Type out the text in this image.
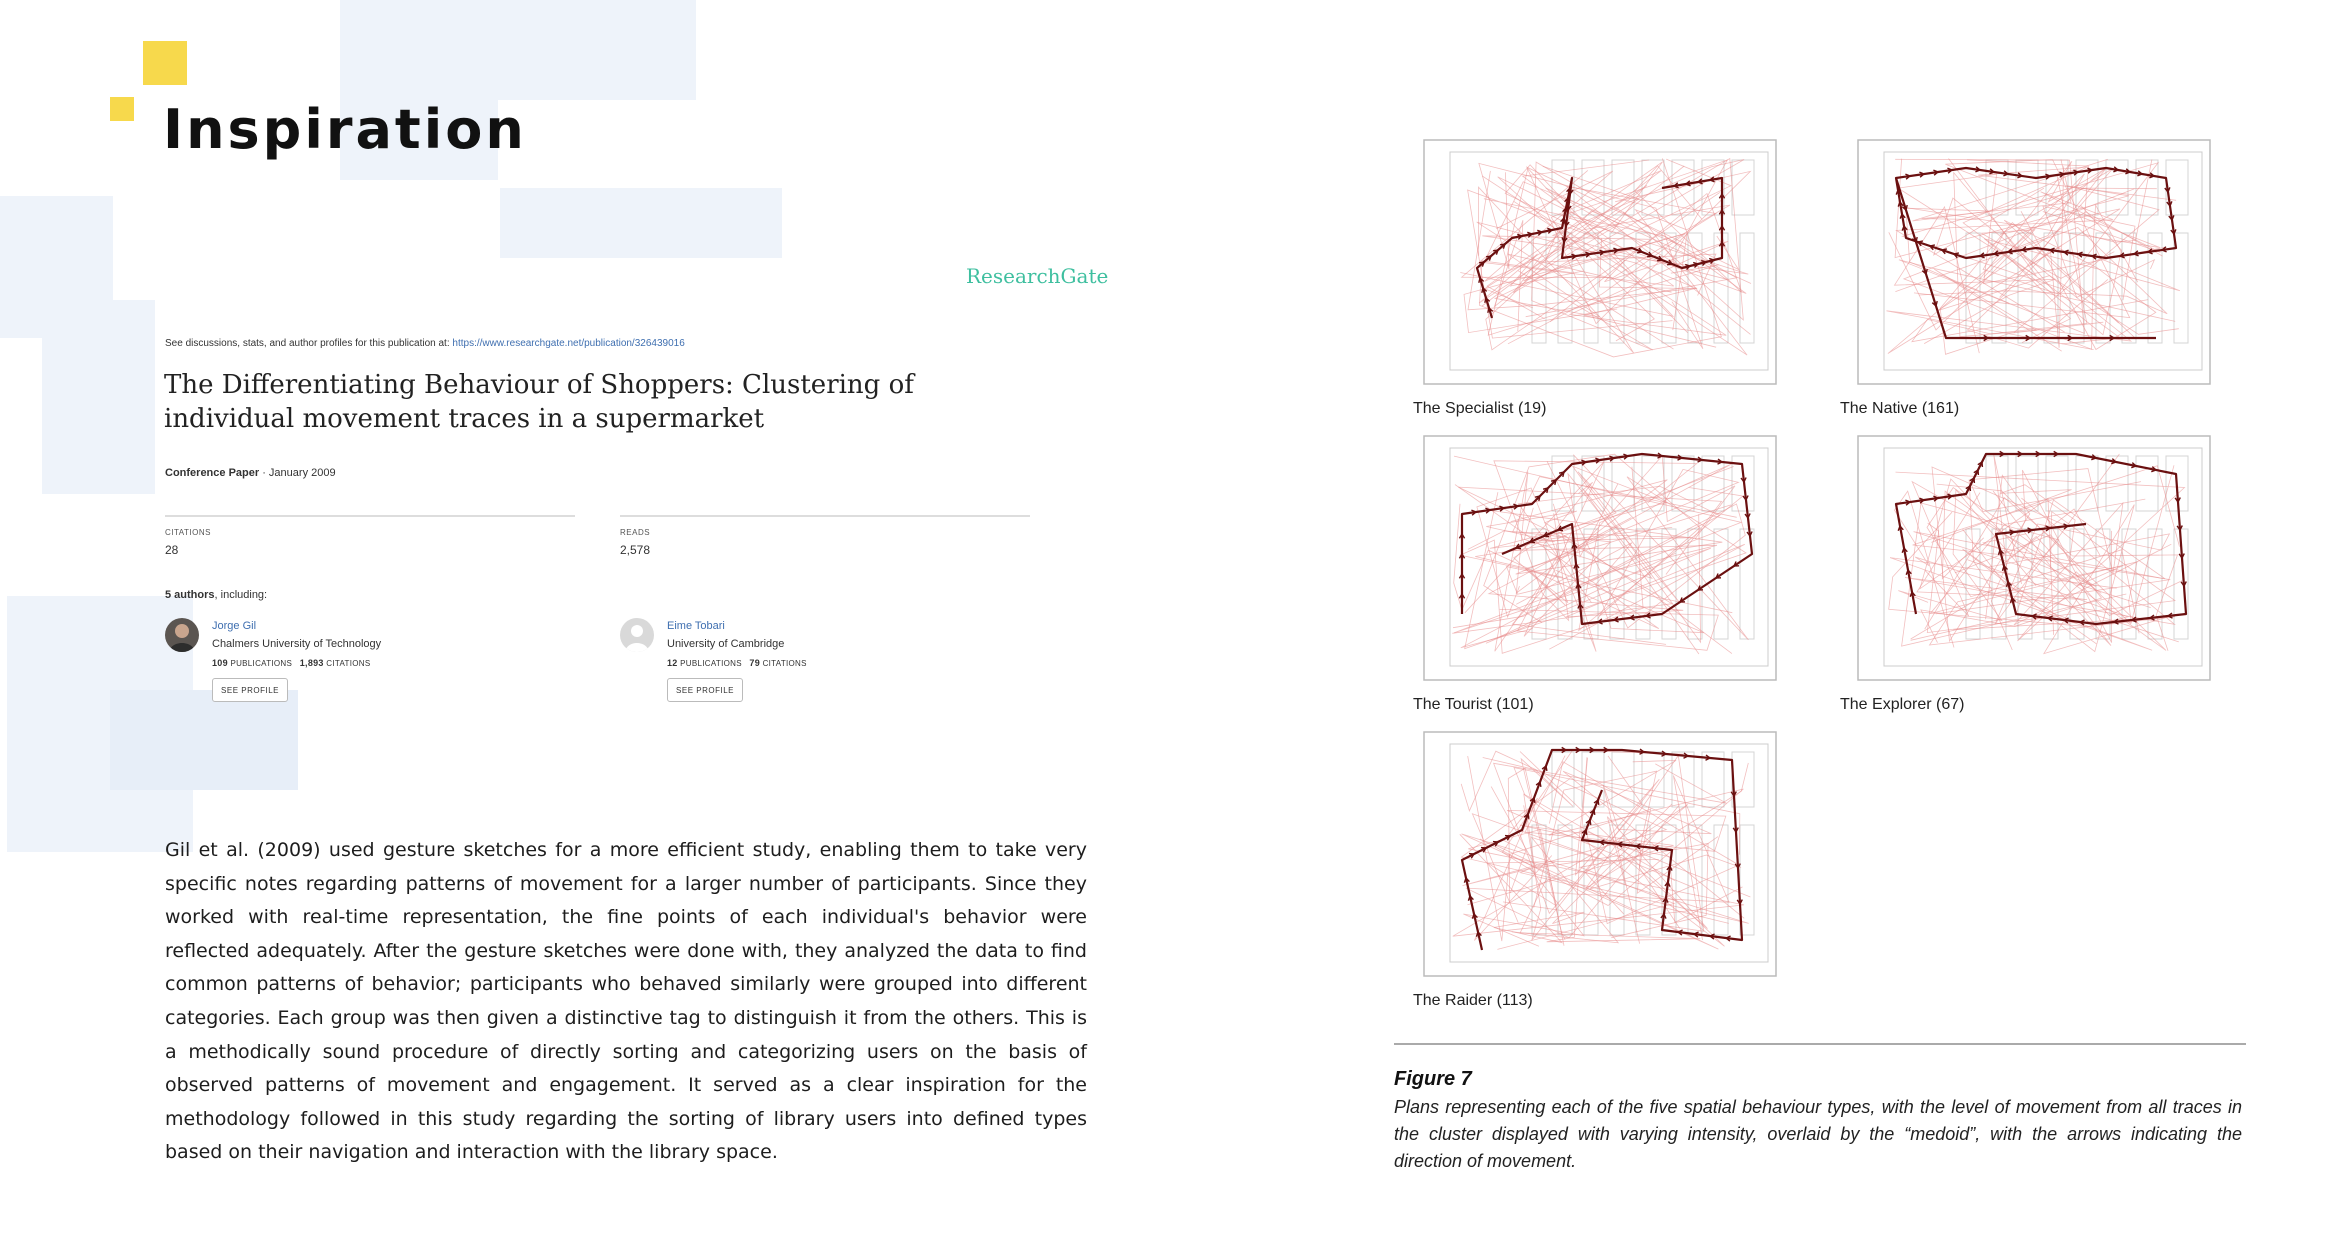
Inspiration
ResearchGate
See discussions, stats, and author profiles for this publication at: https://www.researchgate.net/publication/326439016
The Differentiating Behaviour of Shoppers: Clustering of individual movement traces in a supermarket
Conference Paper · January 2009
CITATIONS
28
READS
2,578
5 authors, including:
Jorge Gil
Chalmers University of Technology
109 PUBLICATIONS 1,893 CITATIONS
SEE PROFILE
Eime Tobari
University of Cambridge
12 PUBLICATIONS 79 CITATIONS
SEE PROFILE

Gil et al. (2009) used gesture sketches for a more efficient study, enabling them to take very specific notes regarding patterns of movement for a larger number of participants. Since they worked with real-time representation, the fine points of each individual's behavior were reflected adequately. After the gesture sketches were done with, they analyzed the data to find common patterns of behavior; participants who behaved similarly were grouped into different categories. Each group was then given a distinctive tag to distinguish it from the others. This is a methodically sound procedure of directly sorting and categorizing users on the basis of observed patterns of movement and engagement. It served as a clear inspiration for the methodology followed in this study regarding the sorting of library users into defined types based on their navigation and interaction with the library space.

The Specialist (19)	The Native (161)
The Tourist (101)	The Explorer (67)
The Raider (113)
Figure 7

Plans representing each of the five spatial behaviour types, with the level of movement from all traces in the cluster displayed with varying intensity, overlaid by the “medoid”, with the arrows indicating the direction of movement.
